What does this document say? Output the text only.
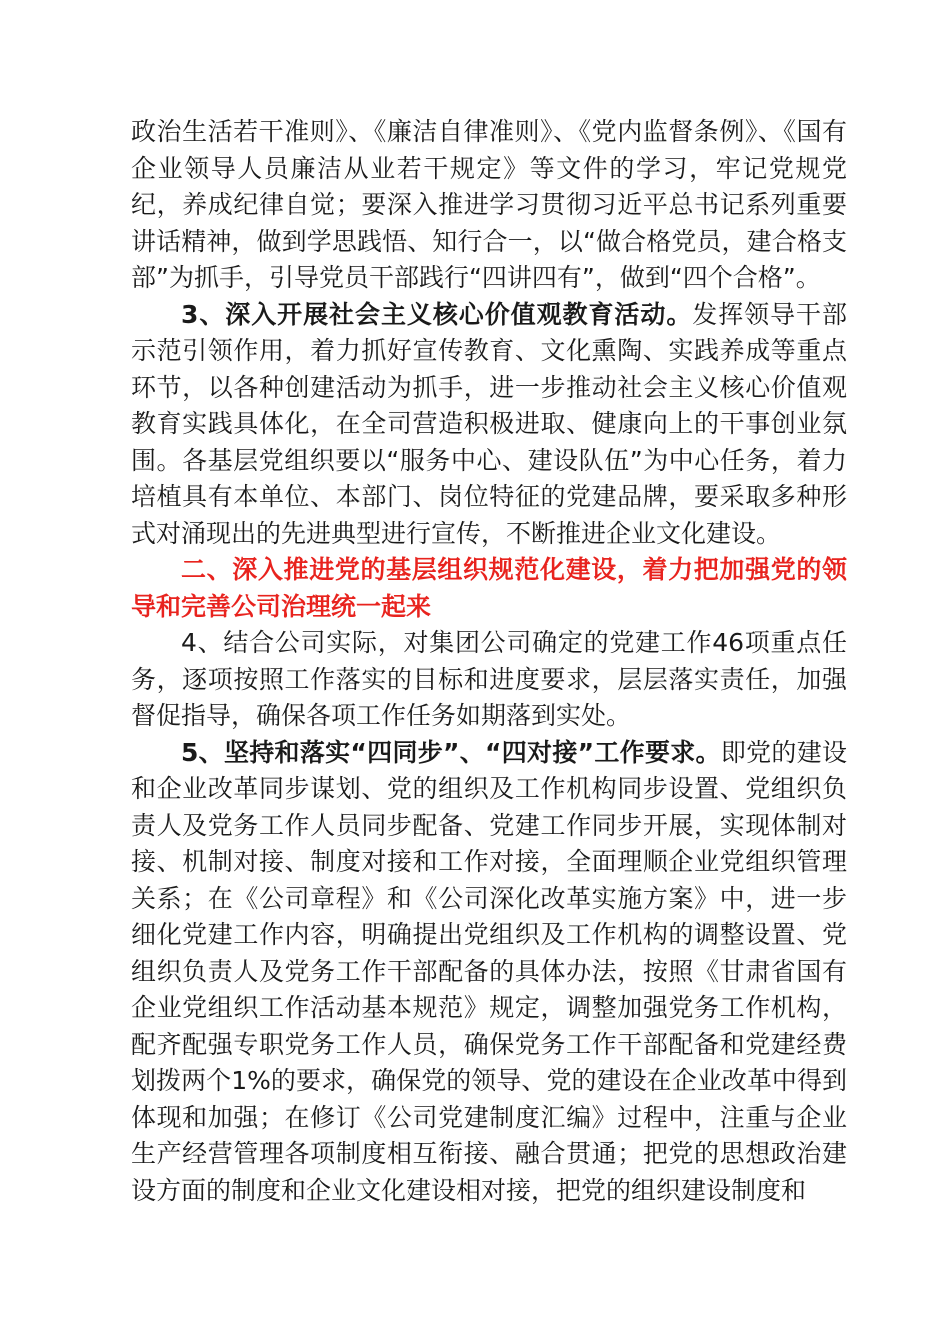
政治生活若干准则》、《廉洁自律准则》、《党内监督条例》、《国有企业领导人员廉洁从业若干规定》等文件的学习，牢记党规党纪，养成纪律自觉；要深入推进学习贯彻习近平总书记系列重要讲话精神，做到学思践悟、知行合一，以“做合格党员，建合格支部”为抓手，引导党员干部践行“四讲四有”，做到“四个合格”。

3、深入开展社会主义核心价值观教育活动。发挥领导干部示范引领作用，着力抓好宣传教育、文化熏陶、实践养成等重点环节，以各种创建活动为抓手，进一步推动社会主义核心价值观教育实践具体化，在全司营造积极进取、健康向上的干事创业氛围。各基层党组织要以“服务中心、建设队伍”为中心任务，着力培植具有本单位、本部门、岗位特征的党建品牌，要采取多种形式对涌现出的先进典型进行宣传，不断推进企业文化建设。

二、深入推进党的基层组织规范化建设，着力把加强党的领导和完善公司治理统一起来

4、结合公司实际，对集团公司确定的党建工作46项重点任务，逐项按照工作落实的目标和进度要求，层层落实责任，加强督促指导，确保各项工作任务如期落到实处。

5、坚持和落实“四同步”、“四对接”工作要求。即党的建设和企业改革同步谋划、党的组织及工作机构同步设置、党组织负责人及党务工作人员同步配备、党建工作同步开展，实现体制对接、机制对接、制度对接和工作对接，全面理顺企业党组织管理关系；在《公司章程》和《公司深化改革实施方案》中，进一步细化党建工作内容，明确提出党组织及工作机构的调整设置、党组织负责人及党务工作干部配备的具体办法，按照《甘肃省国有企业党组织工作活动基本规范》规定，调整加强党务工作机构，配齐配强专职党务工作人员，确保党务工作干部配备和党建经费划拨两个1%的要求，确保党的领导、党的建设在企业改革中得到体现和加强；在修订《公司党建制度汇编》过程中，注重与企业生产经营管理各项制度相互衔接、融合贯通；把党的思想政治建设方面的制度和企业文化建设相对接，把党的组织建设制度和
